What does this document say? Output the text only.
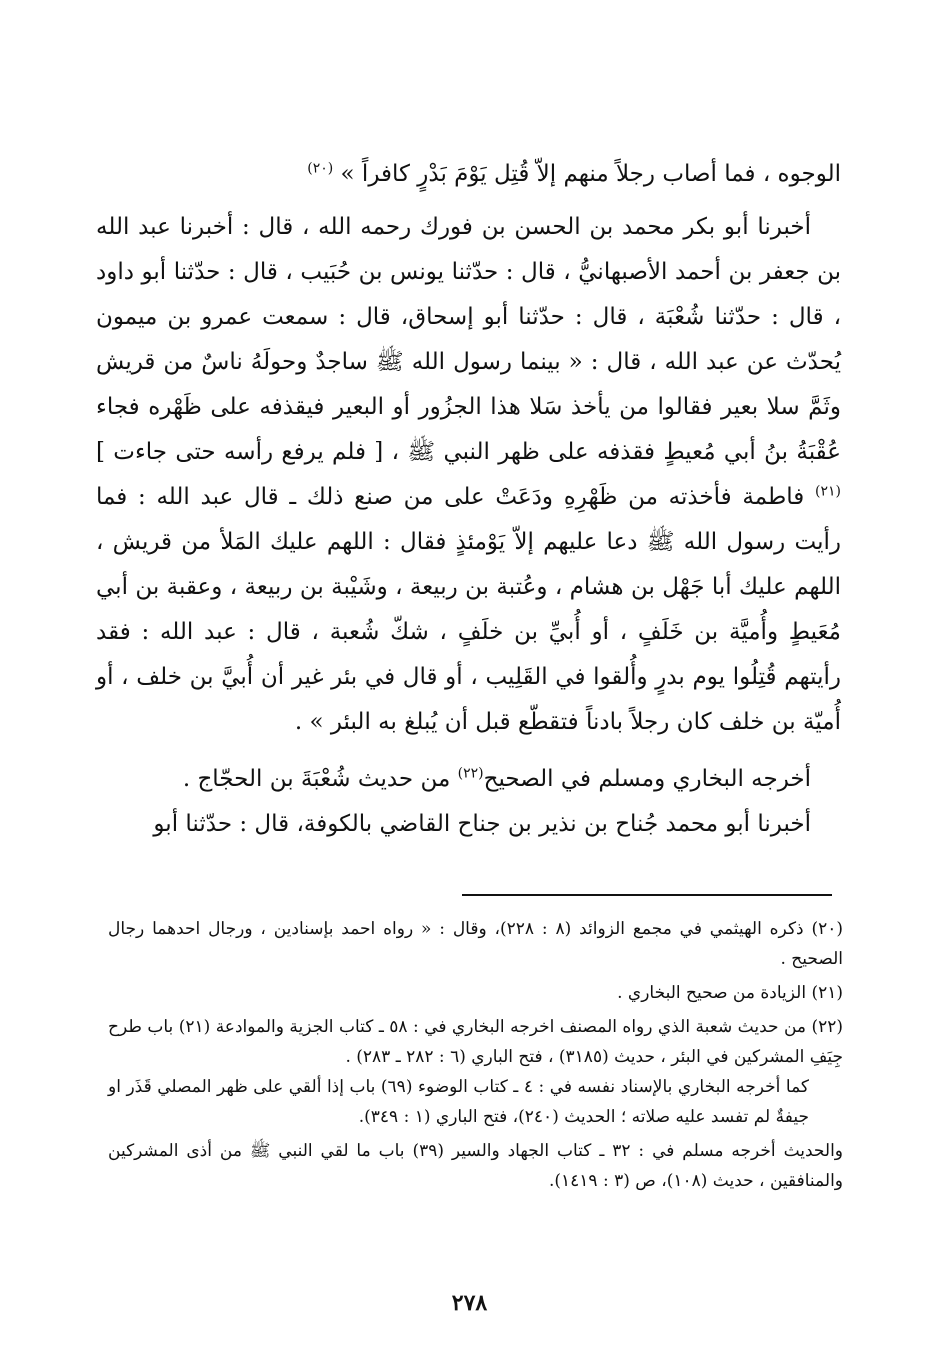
الوجوه ، فما أصاب رجلاً منهم إلاّ قُتِل يَوْمَ بَدْرٍ كافراً » $^{(٢٠)}$

أخبرنا أبو بكر محمد بن الحسن بن فورك رحمه الله ، قال : أخبرنا عبد الله بن جعفر بن أحمد الأصبهانيُّ ، قال : حدّثنا يونس بن حُبَيب ، قال : حدّثنا أبو داود ، قال : حدّثنا شُعْبَة ، قال : حدّثنا أبو إسحاق، قال : سمعت عمرو بن ميمون يُحدّث عن عبد الله ، قال : « بينما رسول الله ﷺ ساجدٌ وحولَهُ ناسٌ من قريش وثَمَّ سلا بعير فقالوا من يأخذ سَلا هذا الجزُور أو البعير فيقذفه على ظَهْره فجاء عُقْبَةُ بنُ أبي مُعيطٍ فقذفه على ظهر النبي ﷺ ، [ فلم يرفع رأسه حتى جاءت ]$^{(٢١)}$ فاطمة فأخذته من ظَهْرِهِ ودَعَتْ على من صنع ذلك ـ قال عبد الله : فما رأيت رسول الله ﷺ دعا عليهم إلاّ يَوْمئذٍ فقال : اللهم عليك المَلأ من قريش ، اللهم عليك أبا جَهْل بن هشام ، وعُتبة بن ربيعة ، وشَيْبة بن ربيعة ، وعقبة بن أبي مُعَيطٍ وأُميَّة بن خَلَفٍ ، أو أُبيِّ بن خلَفٍ ، شكّ شُعبة ، قال : عبد الله : فقد رأيتهم قُتِلُوا يوم بدرٍ وأُلقوا في القَلِيب ، أو قال في بئر غير أن أُبيَّ بن خلف ، أو أُميّة بن خلف كان رجلاً بادناً فتقطّع قبل أن يُبلغ به البئر » .

أخرجه البخاري ومسلم في الصحيح$^{(٢٢)}$ من حديث شُعْبَةَ بن الحجّاج .

أخبرنا أبو محمد جُناح بن نذير بن جناح القاضي بالكوفة، قال : حدّثنا أبو

(٢٠) ذكره الهيثمي في مجمع الزوائد (٨ : ٢٢٨)، وقال : « رواه احمد بإسنادين ، ورجال احدهما رجال الصحيح .

(٢١) الزيادة من صحيح البخاري .

(٢٢) من حديث شعبة الذي رواه المصنف اخرجه البخاري في : ٥٨ ـ كتاب الجزية والموادعة (٢١) باب طرح جِيَفِ المشركين في البئر ، حديث (٣١٨٥) ، فتح الباري (٦ : ٢٨٢ ـ ٢٨٣) .

كما أخرجه البخاري بالإسناد نفسه في : ٤ ـ كتاب الوضوء (٦٩) باب إذا ألقي على ظهر المصلي قَذَر او جيفةٌ لم تفسد عليه صلاته ؛ الحديث (٢٤٠)، فتح الباري (١ : ٣٤٩).

والحديث أخرجه مسلم في : ٣٢ ـ كتاب الجهاد والسير (٣٩) باب ما لقي النبي ﷺ من أذى المشركين والمنافقين ، حديث (١٠٨)، ص (٣ : ١٤١٩).

٢٧٨
